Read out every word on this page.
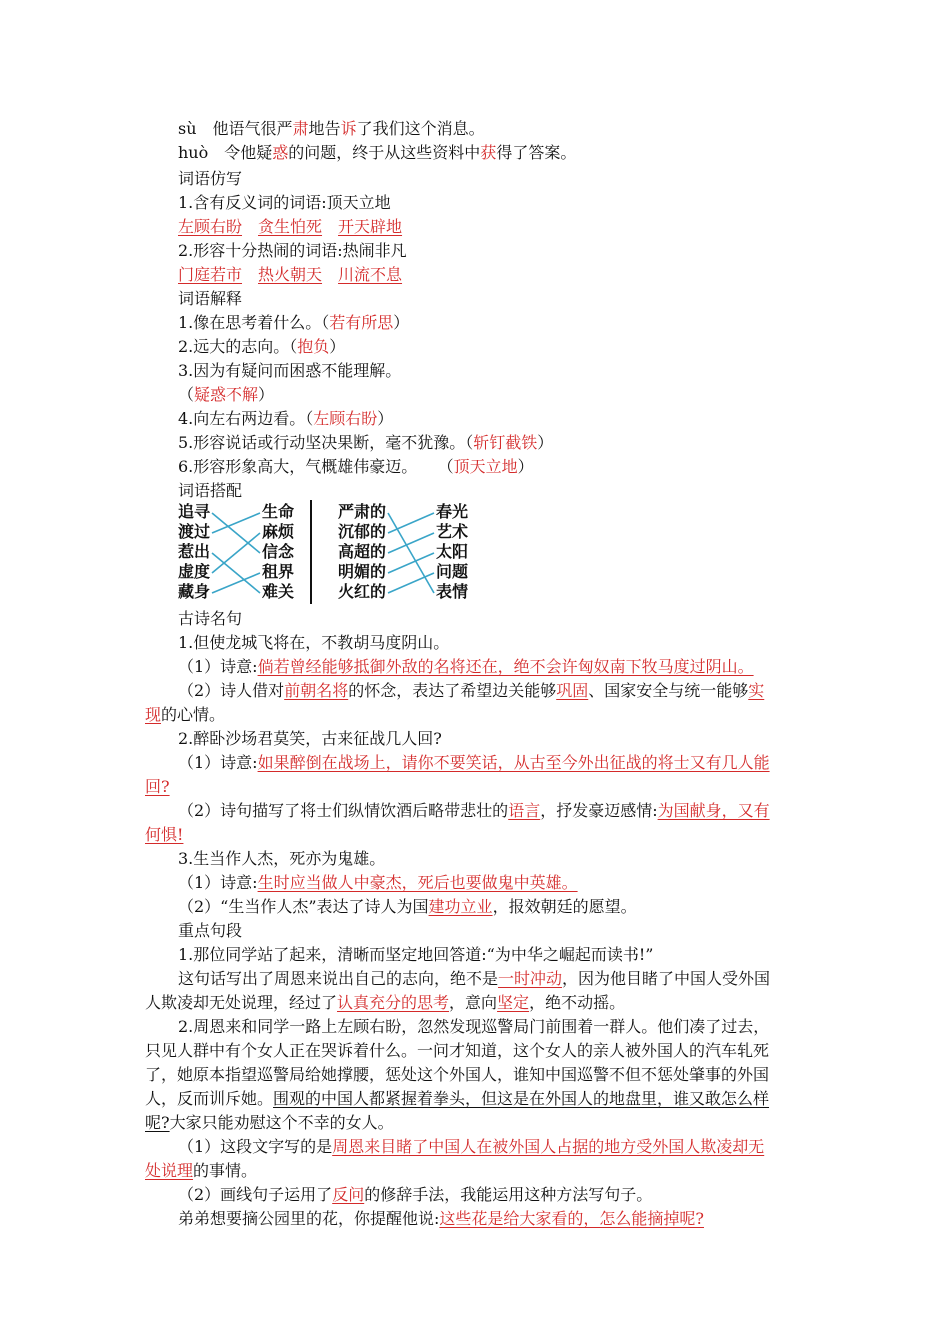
sù 他语气很严肃地告诉了我们这个消息。
huò 令他疑惑的问题，终于从这些资料中获得了答案。
词语仿写
1.含有反义词的词语:顶天立地
左顾右盼 贪生怕死 开天辟地
2.形容十分热闹的词语:热闹非凡
门庭若市 热火朝天 川流不息
词语解释
1.像在思考着什么。（若有所思）
2.远大的志向。（抱负）
3.因为有疑问而困惑不能理解。
（疑惑不解）
4.向左右两边看。（左顾右盼）
5.形容说话或行动坚决果断，毫不犹豫。（斩钉截铁）
6.形容形象高大，气概雄伟豪迈。    （顶天立地）
词语搭配
追寻
渡过
惹出
虚度
藏身
生命
麻烦
信念
租界
难关
严肃的
沉郁的
高超的
明媚的
火红的
春光
艺术
太阳
问题
表情
古诗名句
1.但使龙城飞将在，不教胡马度阴山。
（1）诗意:倘若曾经能够抵御外敌的名将还在，绝不会许匈奴南下牧马度过阴山。
（2）诗人借对前朝名将的怀念，表达了希望边关能够巩固、国家安全与统一能够实
现的心情。
2.醉卧沙场君莫笑，古来征战几人回?
（1）诗意:如果醉倒在战场上，请你不要笑话，从古至今外出征战的将士又有几人能
回?
（2）诗句描写了将士们纵情饮酒后略带悲壮的语言，抒发豪迈感情:为国献身，又有
何惧!
3.生当作人杰，死亦为鬼雄。
（1）诗意:生时应当做人中豪杰，死后也要做鬼中英雄。
（2）“生当作人杰”表达了诗人为国建功立业，报效朝廷的愿望。
重点句段
1.那位同学站了起来，清晰而坚定地回答道:“为中华之崛起而读书!”
这句话写出了周恩来说出自己的志向，绝不是一时冲动，因为他目睹了中国人受外国
人欺凌却无处说理，经过了认真充分的思考，意向坚定，绝不动摇。
2.周恩来和同学一路上左顾右盼，忽然发现巡警局门前围着一群人。他们凑了过去，
只见人群中有个女人正在哭诉着什么。一问才知道，这个女人的亲人被外国人的汽车轧死
了，她原本指望巡警局给她撑腰，惩处这个外国人，谁知中国巡警不但不惩处肇事的外国
人，反而训斥她。围观的中国人都紧握着拳头，但这是在外国人的地盘里，谁又敢怎么样
呢?大家只能劝慰这个不幸的女人。
（1）这段文字写的是周恩来目睹了中国人在被外国人占据的地方受外国人欺凌却无
处说理的事情。
（2）画线句子运用了反问的修辞手法，我能运用这种方法写句子。
弟弟想要摘公园里的花，你提醒他说:这些花是给大家看的，怎么能摘掉呢?
